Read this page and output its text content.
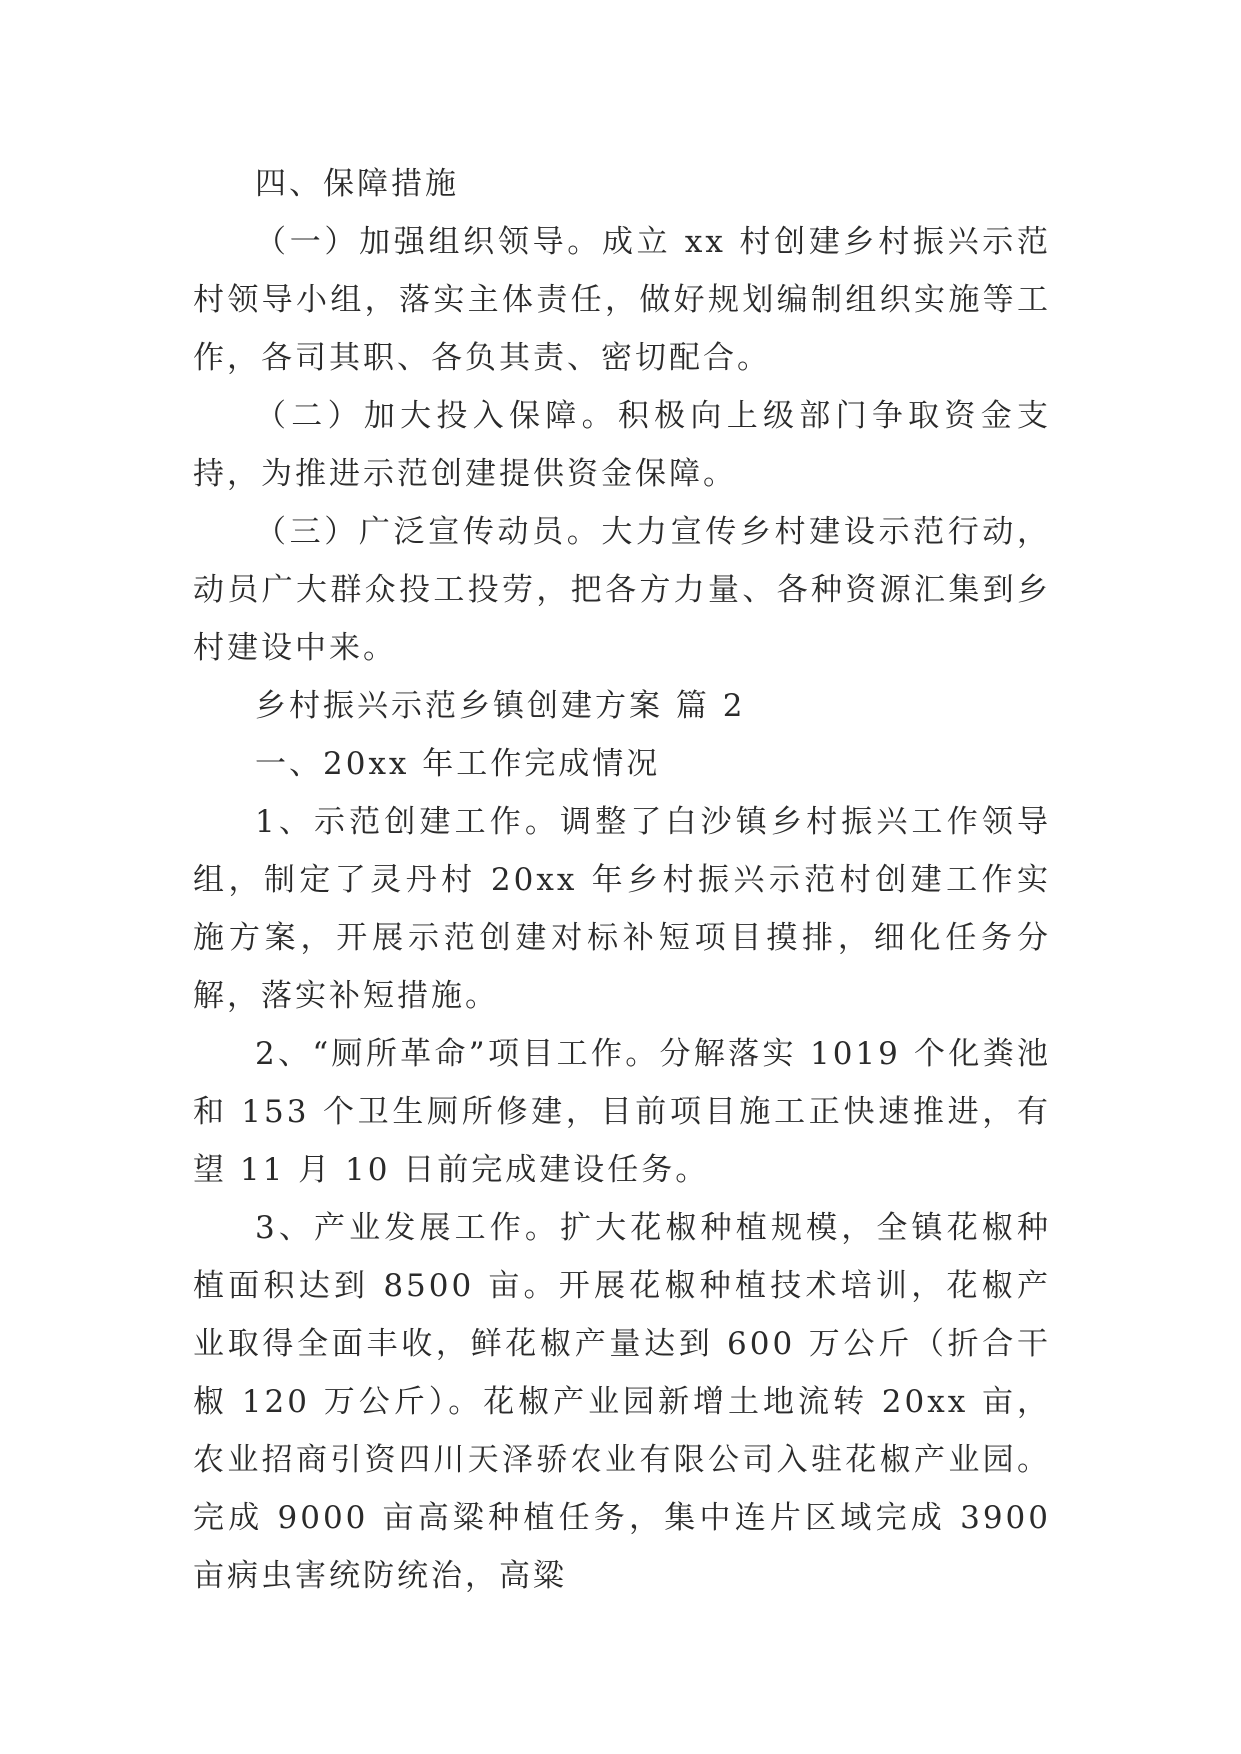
四、保障措施

（一）加强组织领导。成立 xx 村创建乡村振兴示范村领导小组，落实主体责任，做好规划编制组织实施等工作，各司其职、各负其责、密切配合。

（二）加大投入保障。积极向上级部门争取资金支持，为推进示范创建提供资金保障。

（三）广泛宣传动员。大力宣传乡村建设示范行动，动员广大群众投工投劳，把各方力量、各种资源汇集到乡村建设中来。

乡村振兴示范乡镇创建方案 篇 2

一、20xx 年工作完成情况

1、示范创建工作。调整了白沙镇乡村振兴工作领导组，制定了灵丹村 20xx 年乡村振兴示范村创建工作实施方案，开展示范创建对标补短项目摸排，细化任务分解，落实补短措施。

2、“厕所革命”项目工作。分解落实 1019 个化粪池和 153 个卫生厕所修建，目前项目施工正快速推进，有望 11 月 10 日前完成建设任务。

3、产业发展工作。扩大花椒种植规模，全镇花椒种植面积达到 8500 亩。开展花椒种植技术培训，花椒产业取得全面丰收，鲜花椒产量达到 600 万公斤（折合干椒 120 万公斤）。花椒产业园新增土地流转 20xx 亩，农业招商引资四川天泽骄农业有限公司入驻花椒产业园。完成 9000 亩高粱种植任务，集中连片区域完成 3900 亩病虫害统防统治，高粱
